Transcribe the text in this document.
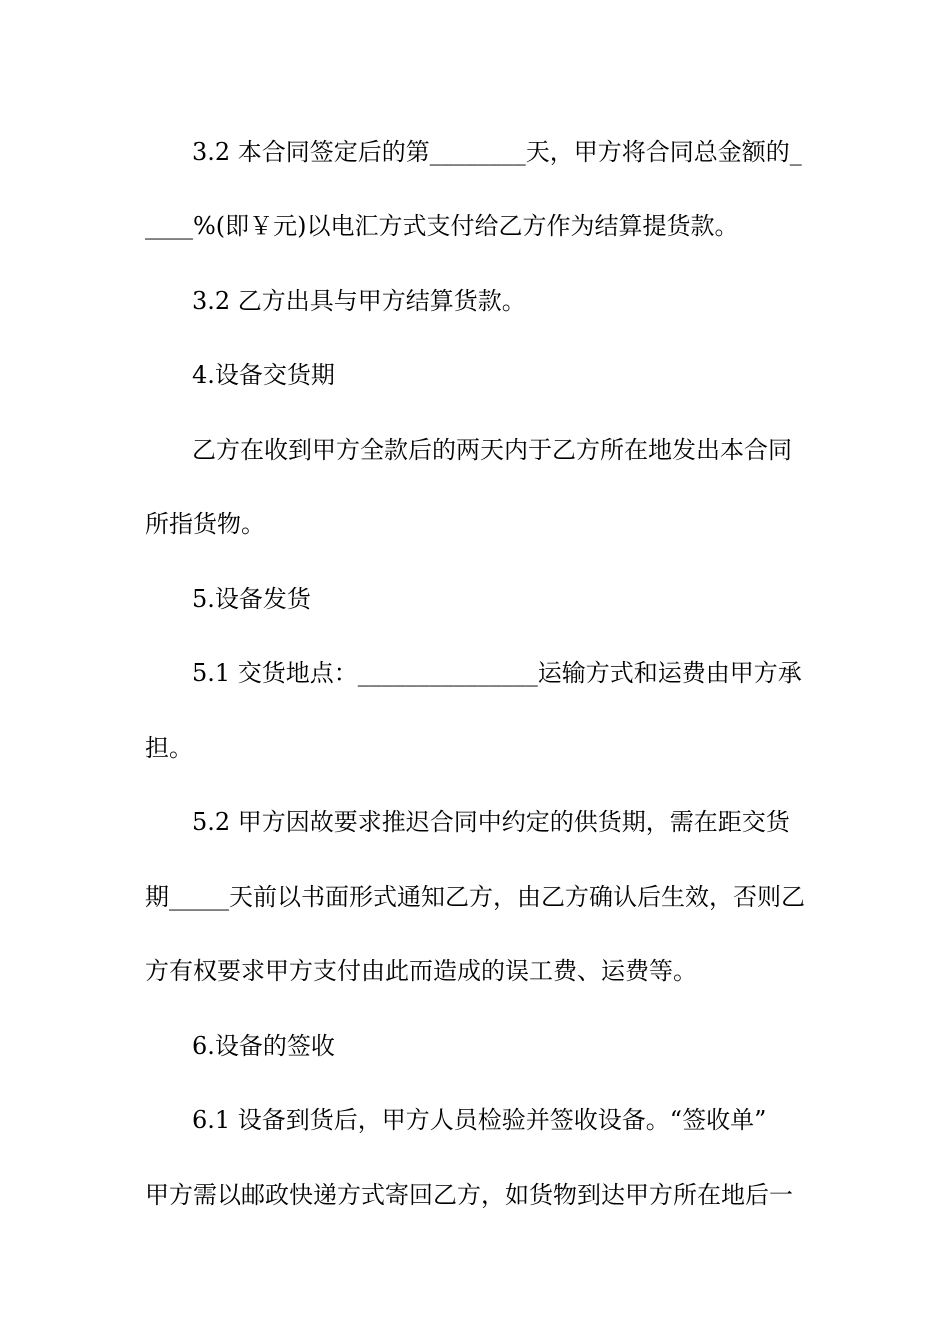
3.2 本合同签定后的第________天，甲方将合同总金额的_
____%(即￥元)以电汇方式支付给乙方作为结算提货款。
3.2 乙方出具与甲方结算货款。
4.设备交货期
乙方在收到甲方全款后的两天内于乙方所在地发出本合同
所指货物。
5.设备发货
5.1 交货地点：_______________运输方式和运费由甲方承
担。
5.2 甲方因故要求推迟合同中约定的供货期，需在距交货
期_____天前以书面形式通知乙方，由乙方确认后生效，否则乙
方有权要求甲方支付由此而造成的误工费、运费等。
6.设备的签收
6.1 设备到货后，甲方人员检验并签收设备。“签收单”
甲方需以邮政快递方式寄回乙方，如货物到达甲方所在地后一
